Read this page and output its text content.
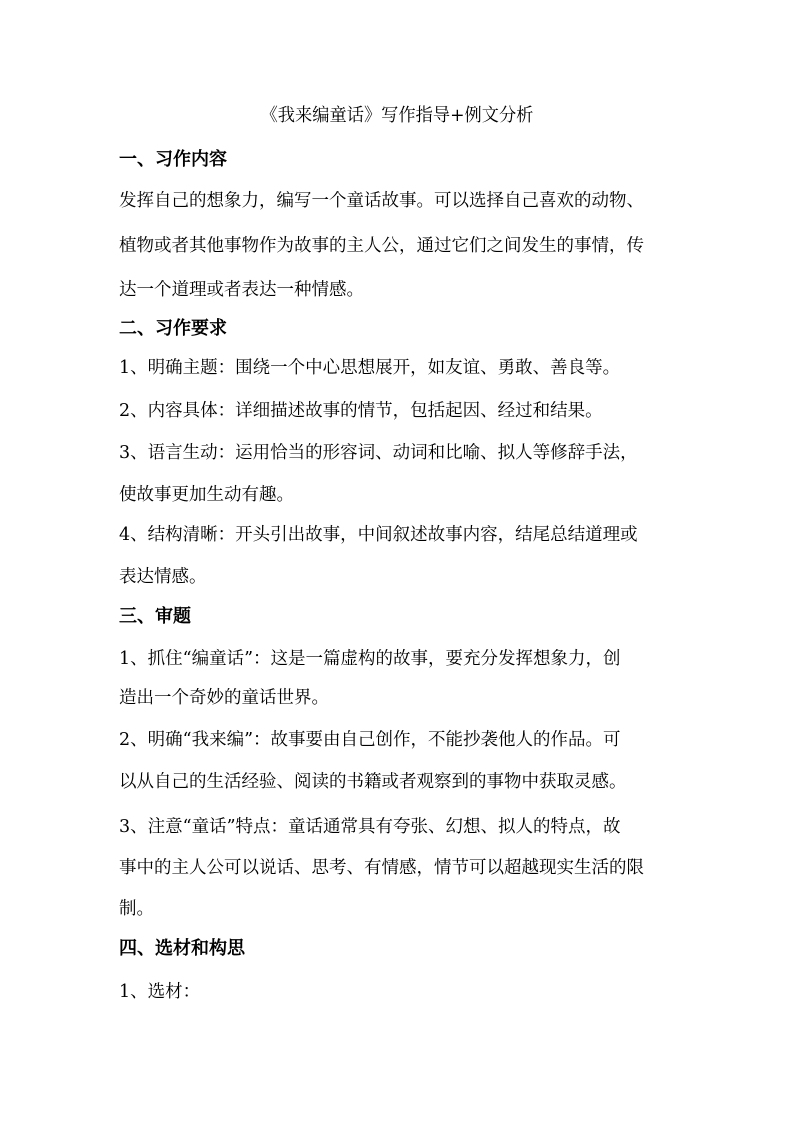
《我来编童话》写作指导+例文分析
一、习作内容
发挥自己的想象力，编写一个童话故事。可以选择自己喜欢的动物、
植物或者其他事物作为故事的主人公，通过它们之间发生的事情，传
达一个道理或者表达一种情感。
二、习作要求
1、明确主题：围绕一个中心思想展开，如友谊、勇敢、善良等。
2、内容具体：详细描述故事的情节，包括起因、经过和结果。
3、语言生动：运用恰当的形容词、动词和比喻、拟人等修辞手法，
使故事更加生动有趣。
4、结构清晰：开头引出故事，中间叙述故事内容，结尾总结道理或
表达情感。
三、审题
1、抓住“编童话”：这是一篇虚构的故事，要充分发挥想象力，创
造出一个奇妙的童话世界。
2、明确“我来编”：故事要由自己创作，不能抄袭他人的作品。可
以从自己的生活经验、阅读的书籍或者观察到的事物中获取灵感。
3、注意“童话”特点：童话通常具有夸张、幻想、拟人的特点，故
事中的主人公可以说话、思考、有情感，情节可以超越现实生活的限
制。
四、选材和构思
1、选材：
